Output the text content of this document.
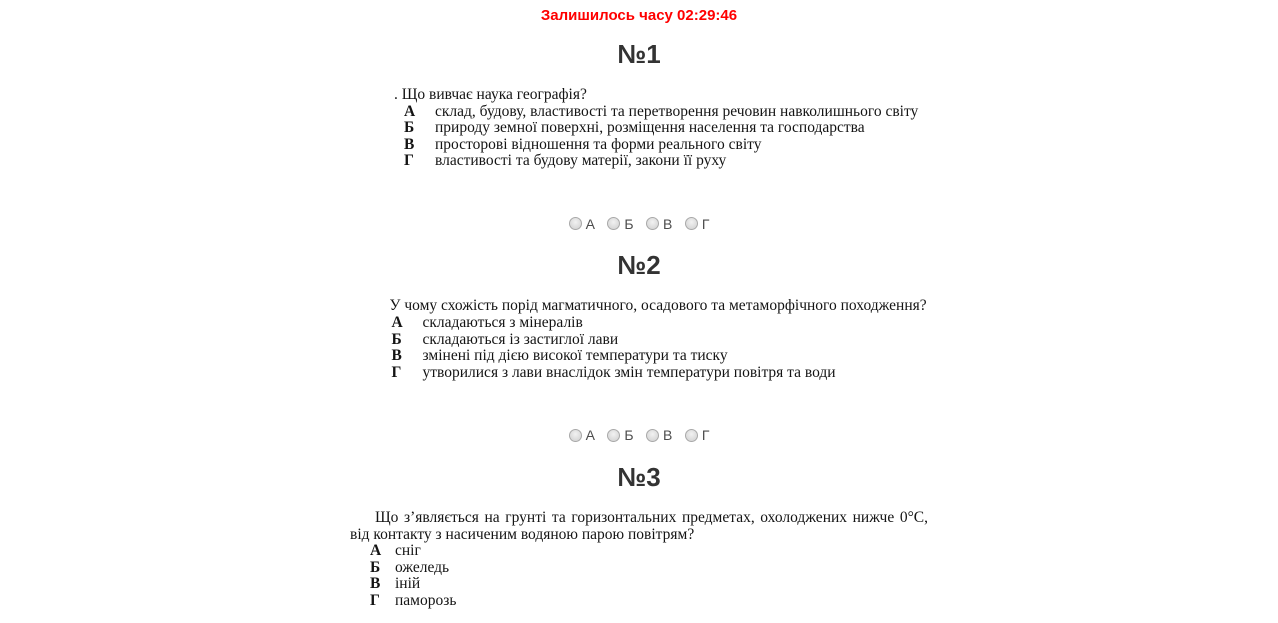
Залишилось часу 02:29:46
№1

. Що вивчає наука географія?

А	склад, будову, властивості та перетворення речовин навколишнього світу
Б	природу земної поверхні, розміщення населення та господарства
В	просторові відношення та форми реального світу
Г	властивості та будову матерії, закони її руху
А
Б
В
Г
№2

У чому схожість порід магматичного, осадового та метаморфічного походження?

А	складаються з мінералів
Б	складаються із застиглої лави
В	змінені під дією високої температури та тиску
Г	утворилися з лави внаслідок змін температури повітря та води
А
Б
В
Г
№3

Що з’являється на грунті та горизонтальних предметах, охолоджених нижче 0°С, від контакту з насиченим водяною парою повітрям?

А сніг
Б ожеледь
В іній
Г паморозь
